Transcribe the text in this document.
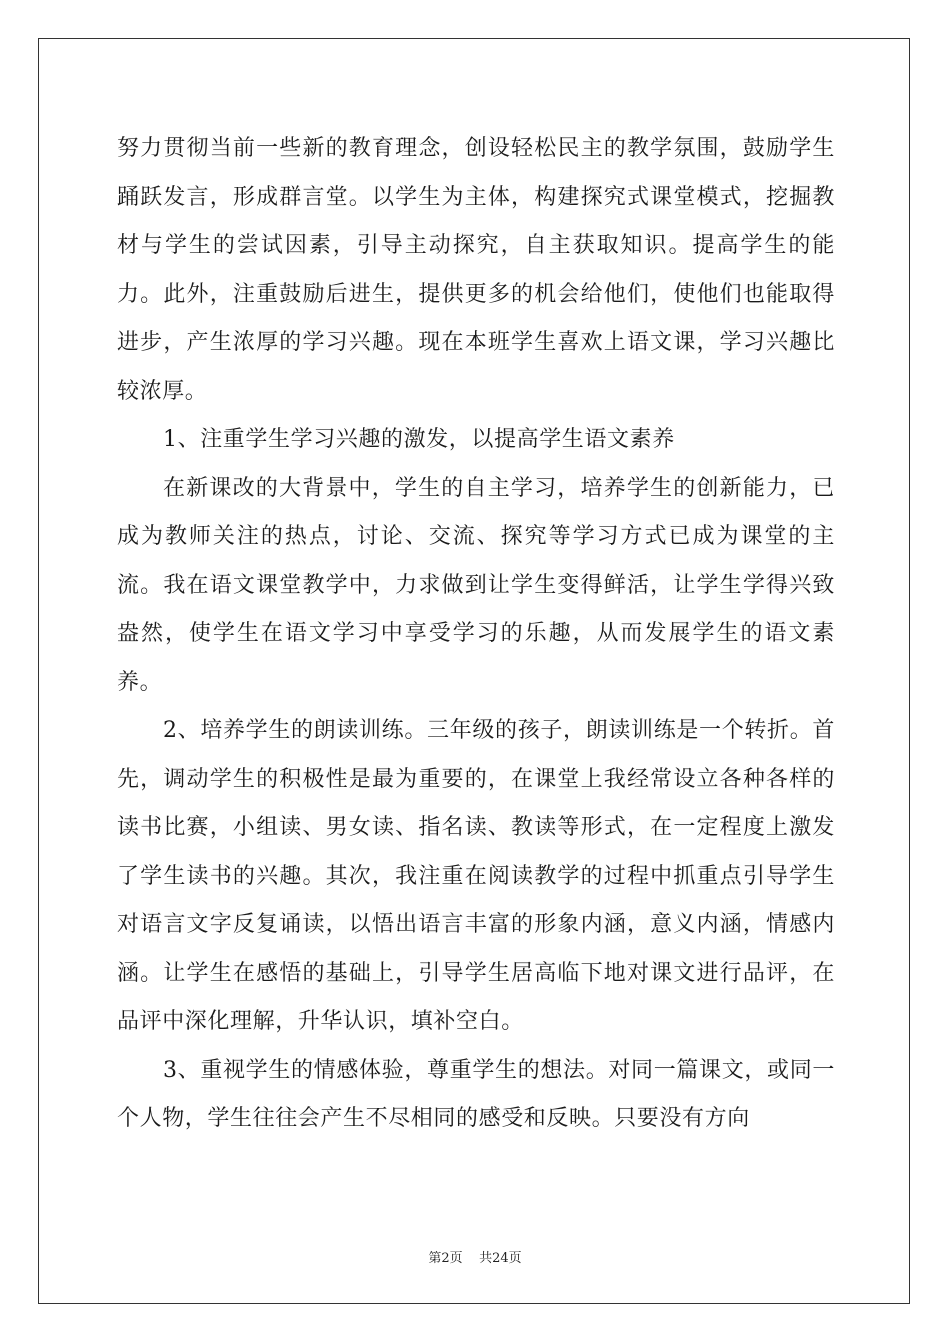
努力贯彻当前一些新的教育理念，创设轻松民主的教学氛围，鼓励学生踊跃发言，形成群言堂。以学生为主体，构建探究式课堂模式，挖掘教材与学生的尝试因素，引导主动探究，自主获取知识。提高学生的能力。此外，注重鼓励后进生，提供更多的机会给他们，使他们也能取得进步，产生浓厚的学习兴趣。现在本班学生喜欢上语文课，学习兴趣比较浓厚。

1、注重学生学习兴趣的激发，以提高学生语文素养

在新课改的大背景中，学生的自主学习，培养学生的创新能力，已成为教师关注的热点，讨论、交流、探究等学习方式已成为课堂的主流。我在语文课堂教学中，力求做到让学生变得鲜活，让学生学得兴致盎然，使学生在语文学习中享受学习的乐趣，从而发展学生的语文素养。

2、培养学生的朗读训练。三年级的孩子，朗读训练是一个转折。首先，调动学生的积极性是最为重要的，在课堂上我经常设立各种各样的读书比赛，小组读、男女读、指名读、教读等形式，在一定程度上激发了学生读书的兴趣。其次，我注重在阅读教学的过程中抓重点引导学生对语言文字反复诵读，以悟出语言丰富的形象内涵，意义内涵，情感内涵。让学生在感悟的基础上，引导学生居高临下地对课文进行品评，在品评中深化理解，升华认识，填补空白。

3、重视学生的情感体验，尊重学生的想法。对同一篇课文，或同一个人物，学生往往会产生不尽相同的感受和反映。只要没有方向

第2页    共24页
